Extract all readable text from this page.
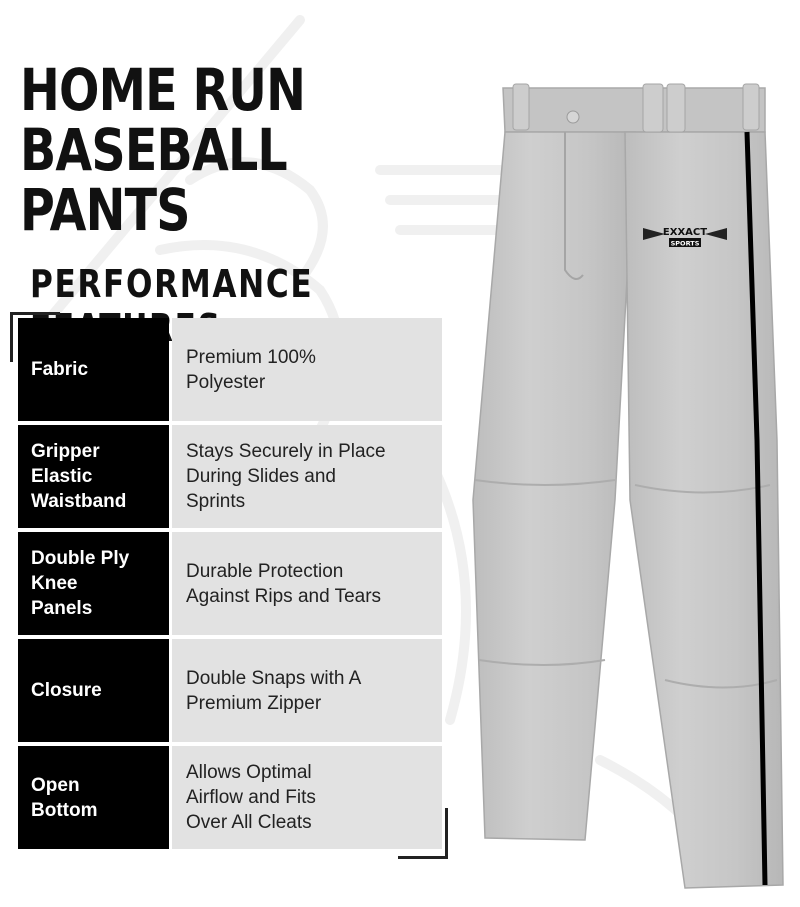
HOME RUN BASEBALL PANTS
PERFORMANCE
Fabric
Premium 100% Polyester
Gripper Elastic Waistband
Stays Securely in Place During Slides and Sprints
Double Ply Knee Panels
Durable Protection Against Rips and Tears
Closure
Double Snaps with A Premium Zipper
Open Bottom
Allows Optimal Airflow and Fits Over All Cleats
EXXACT
SPORTS
